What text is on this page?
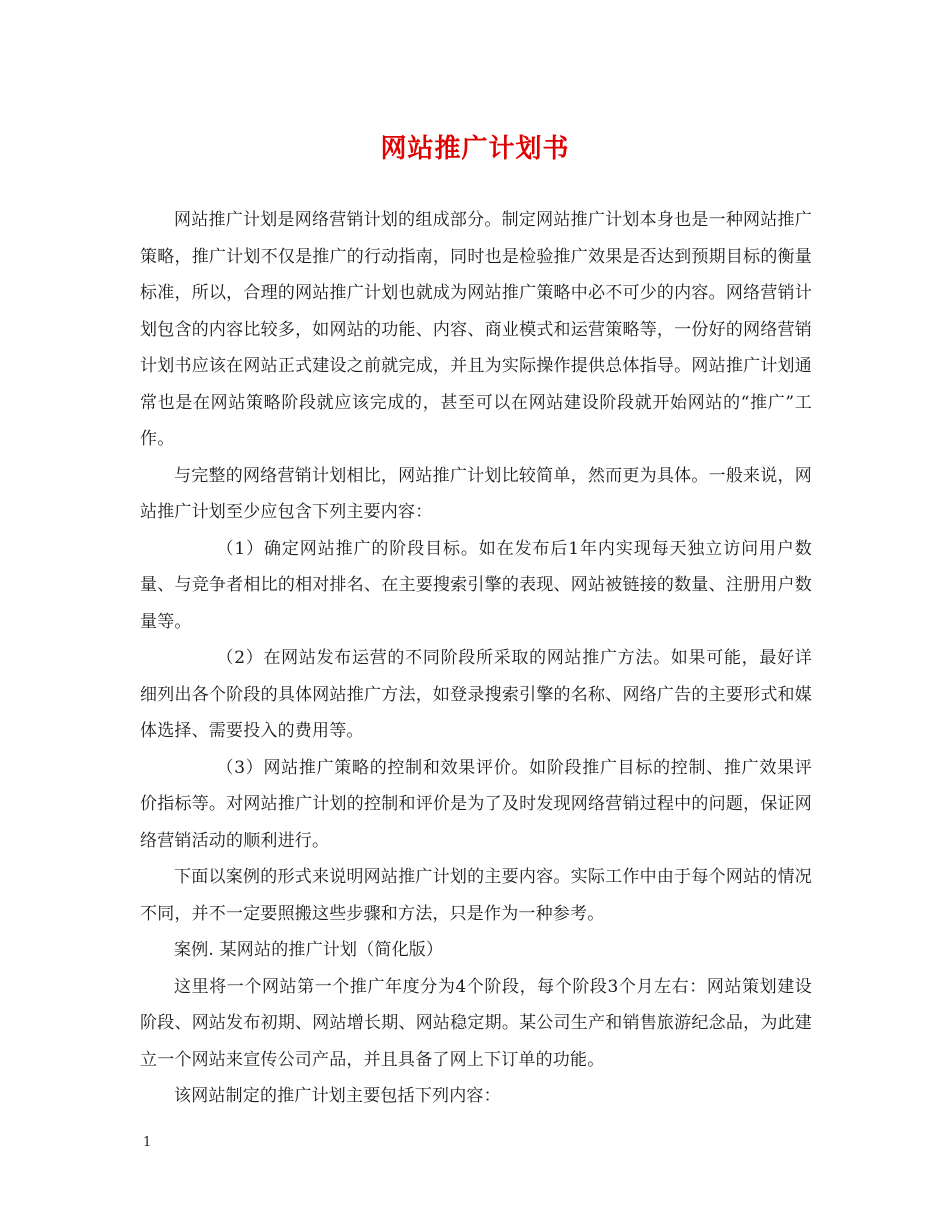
网站推广计划书

网站推广计划是网络营销计划的组成部分。制定网站推广计划本身也是一种网站推广策略，推广计划不仅是推广的行动指南，同时也是检验推广效果是否达到预期目标的衡量标准，所以，合理的网站推广计划也就成为网站推广策略中必不可少的内容。网络营销计划包含的内容比较多，如网站的功能、内容、商业模式和运营策略等，一份好的网络营销计划书应该在网站正式建设之前就完成，并且为实际操作提供总体指导。网站推广计划通常也是在网站策略阶段就应该完成的，甚至可以在网站建设阶段就开始网站的“推广”工作。

与完整的网络营销计划相比，网站推广计划比较简单，然而更为具体。一般来说，网站推广计划至少应包含下列主要内容：

（1）确定网站推广的阶段目标。如在发布后1年内实现每天独立访问用户数量、与竞争者相比的相对排名、在主要搜索引擎的表现、网站被链接的数量、注册用户数量等。

（2）在网站发布运营的不同阶段所采取的网站推广方法。如果可能，最好详细列出各个阶段的具体网站推广方法，如登录搜索引擎的名称、网络广告的主要形式和媒体选择、需要投入的费用等。

（3）网站推广策略的控制和效果评价。如阶段推广目标的控制、推广效果评价指标等。对网站推广计划的控制和评价是为了及时发现网络营销过程中的问题，保证网络营销活动的顺利进行。

下面以案例的形式来说明网站推广计划的主要内容。实际工作中由于每个网站的情况不同，并不一定要照搬这些步骤和方法，只是作为一种参考。

案例. 某网站的推广计划（简化版）

这里将一个网站第一个推广年度分为4个阶段，每个阶段3个月左右：网站策划建设阶段、网站发布初期、网站增长期、网站稳定期。某公司生产和销售旅游纪念品，为此建立一个网站来宣传公司产品，并且具备了网上下订单的功能。

该网站制定的推广计划主要包括下列内容：

1
